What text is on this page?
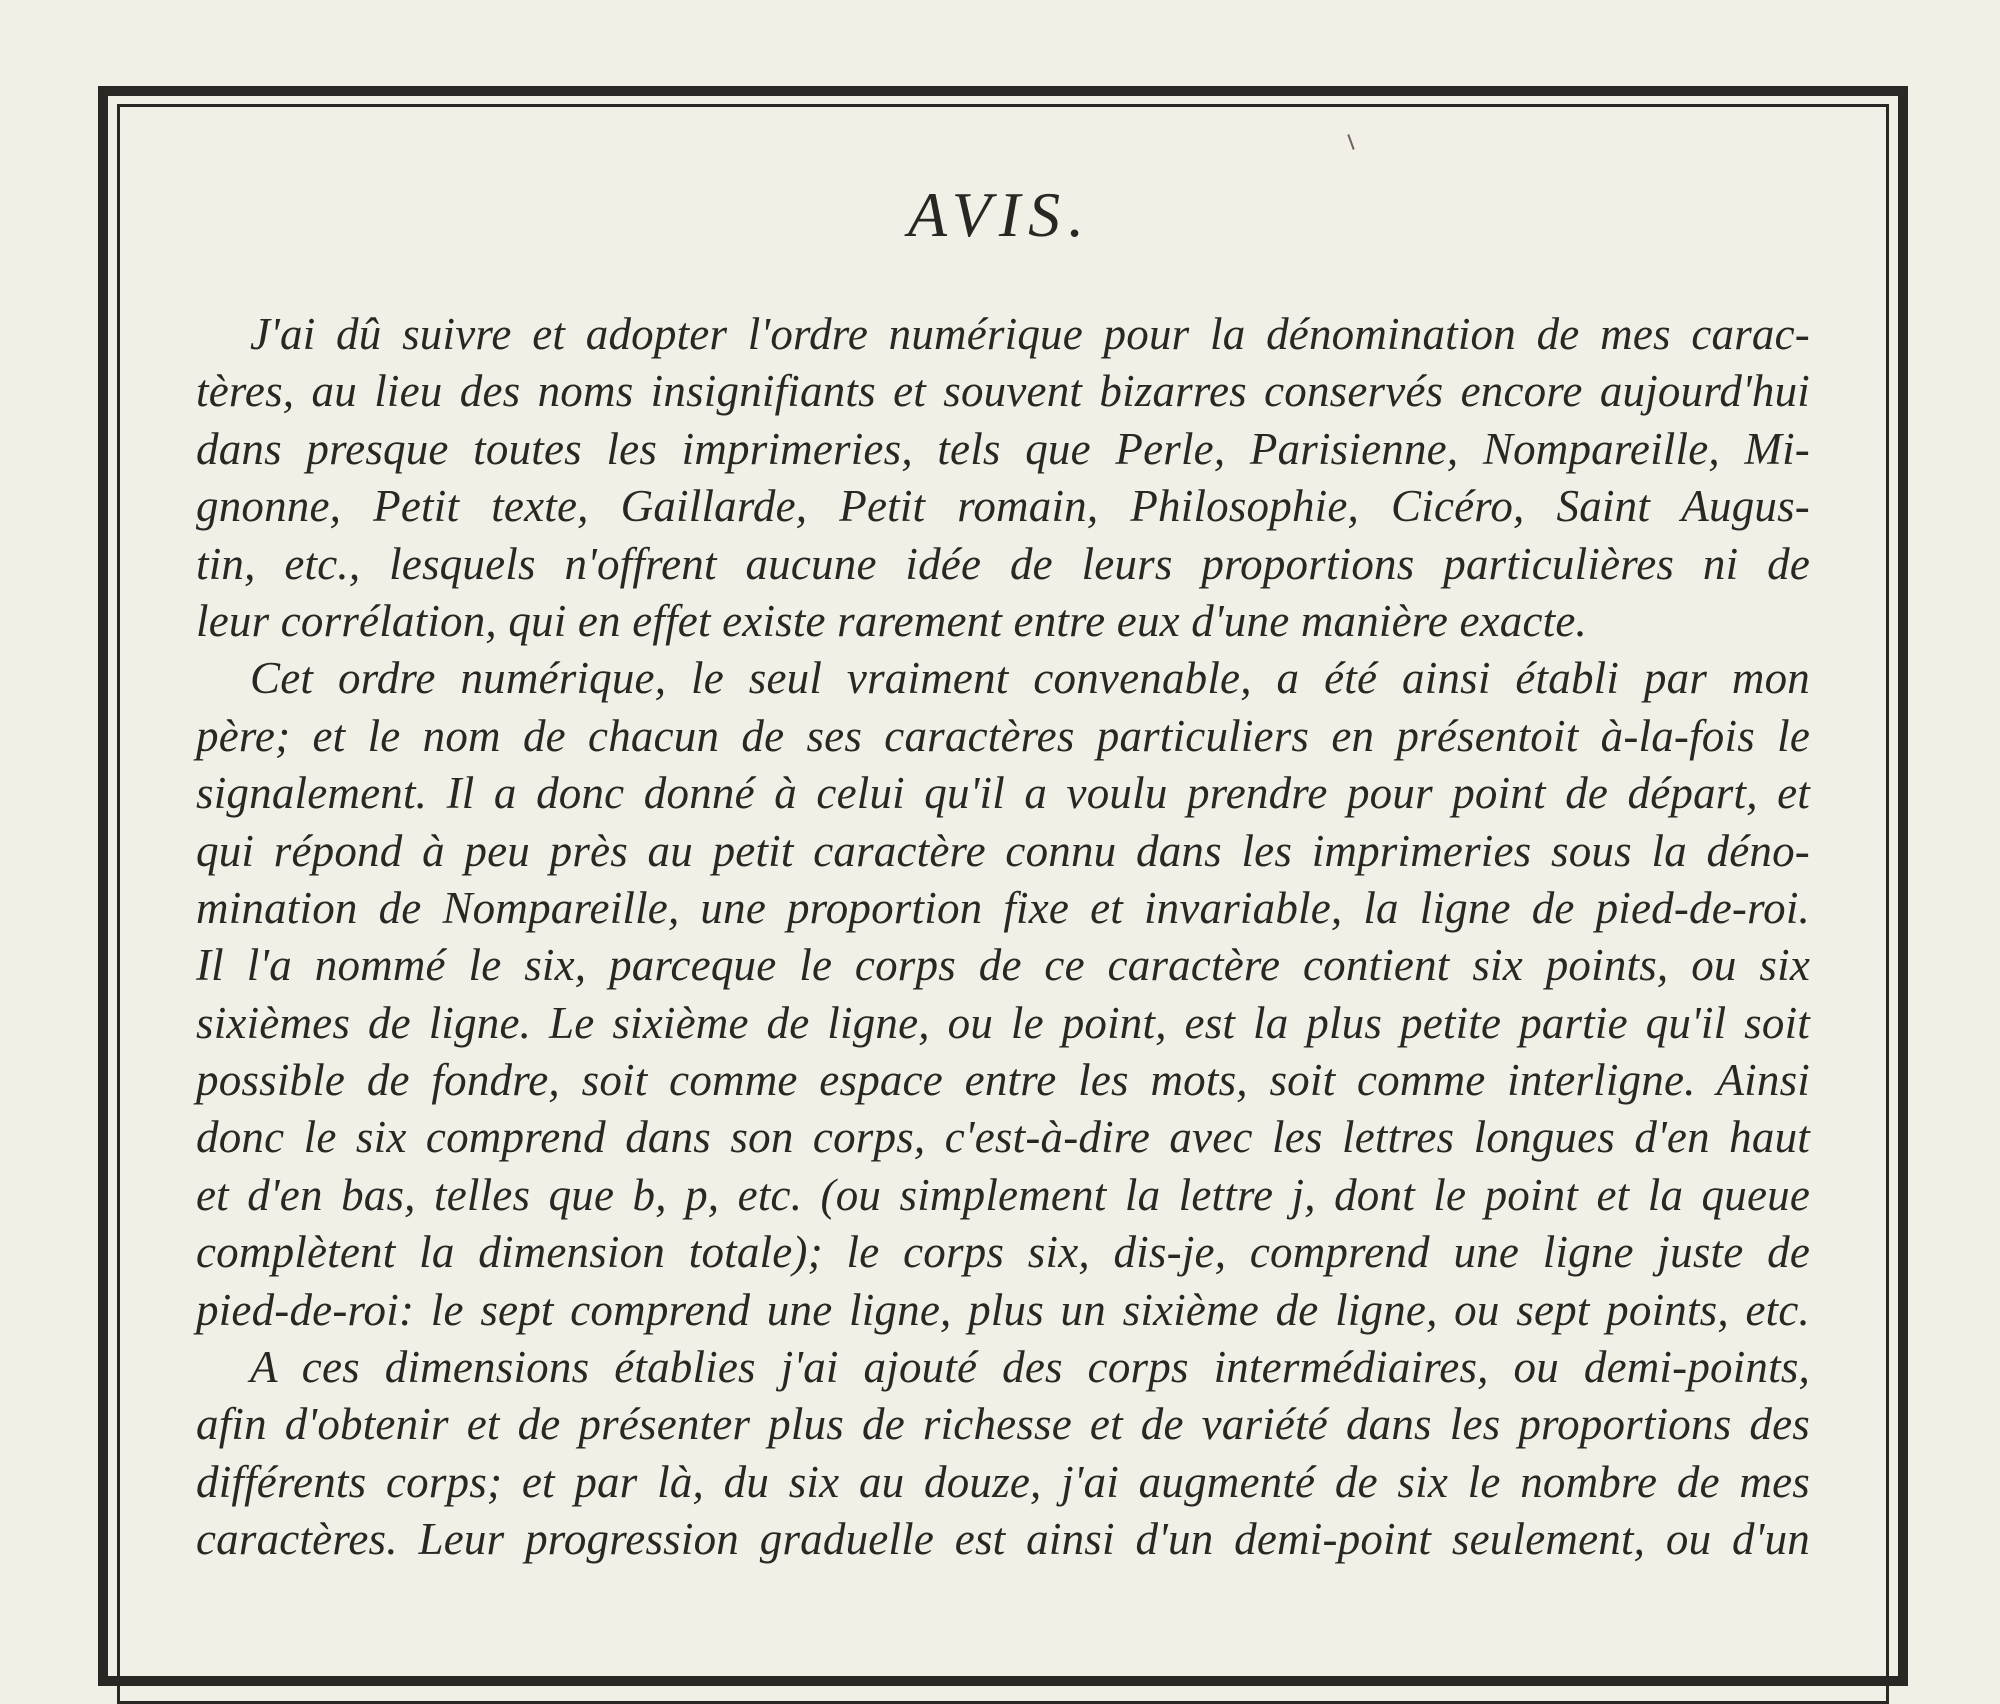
AVIS.
J'ai dû suivre et adopter l'ordre numérique pour la dénomination de mes carac-
tères, au lieu des noms insignifiants et souvent bizarres conservés encore aujourd'hui
dans presque toutes les imprimeries, tels que Perle, Parisienne, Nompareille, Mi-
gnonne, Petit texte, Gaillarde, Petit romain, Philosophie, Cicéro, Saint Augus-
tin, etc., lesquels n'offrent aucune idée de leurs proportions particulières ni de
leur corrélation, qui en effet existe rarement entre eux d'une manière exacte.
Cet ordre numérique, le seul vraiment convenable, a été ainsi établi par mon
père; et le nom de chacun de ses caractères particuliers en présentoit à-la-fois le
signalement. Il a donc donné à celui qu'il a voulu prendre pour point de départ, et
qui répond à peu près au petit caractère connu dans les imprimeries sous la déno-
mination de Nompareille, une proportion fixe et invariable, la ligne de pied-de-roi.
Il l'a nommé le six, parceque le corps de ce caractère contient six points, ou six
sixièmes de ligne. Le sixième de ligne, ou le point, est la plus petite partie qu'il soit
possible de fondre, soit comme espace entre les mots, soit comme interligne. Ainsi
donc le six comprend dans son corps, c'est-à-dire avec les lettres longues d'en haut
et d'en bas, telles que b, p, etc. (ou simplement la lettre j, dont le point et la queue
complètent la dimension totale); le corps six, dis-je, comprend une ligne juste de
pied-de-roi: le sept comprend une ligne, plus un sixième de ligne, ou sept points, etc.
A ces dimensions établies j'ai ajouté des corps intermédiaires, ou demi-points,
afin d'obtenir et de présenter plus de richesse et de variété dans les proportions des
différents corps; et par là, du six au douze, j'ai augmenté de six le nombre de mes
caractères. Leur progression graduelle est ainsi d'un demi-point seulement, ou d'un
